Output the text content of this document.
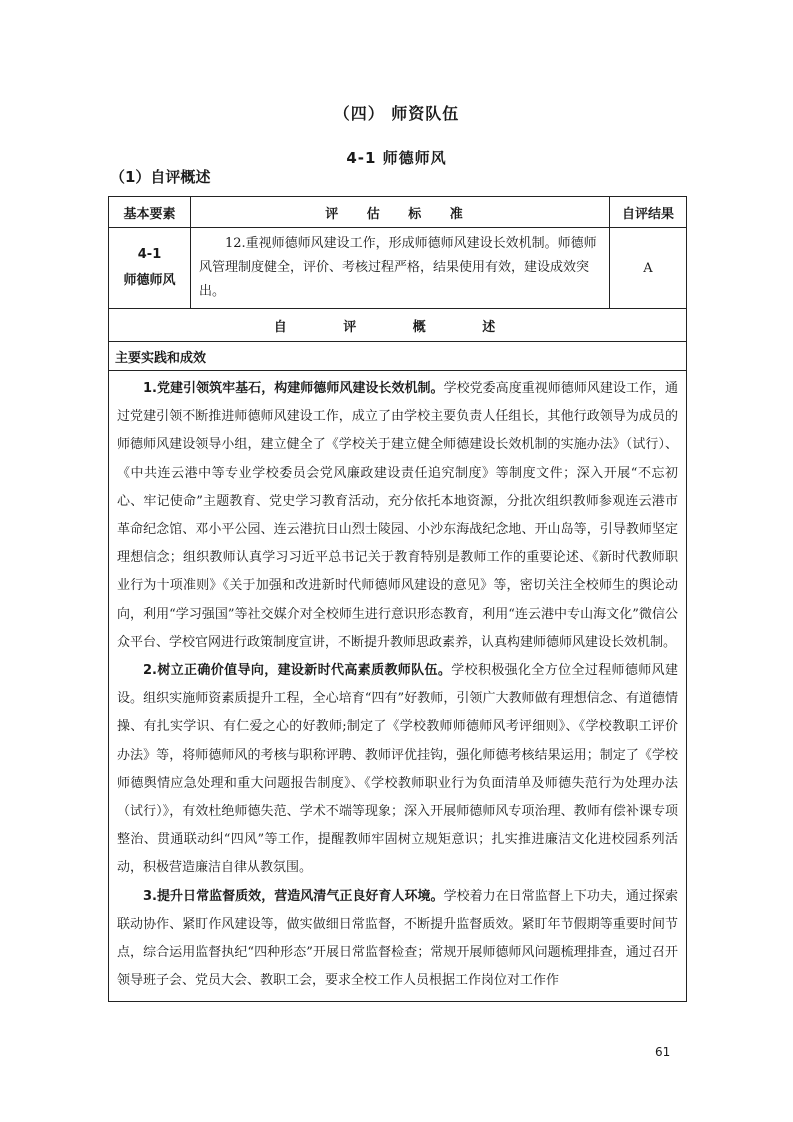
（四） 师资队伍
4-1 师德师风
（1）自评概述
基本要素	评 估 标 准	自评结果

4-1
师德师风	12.重视师德师风建设工作，形成师德师风建设长效机制。师德师风管理制度健全，评价、考核过程严格，结果使用有效，建设成效突出。	A
自 评 概 述		
主要实践和成效		

1.党建引领筑牢基石，构建师德师风建设长效机制。学校党委高度重视师德师风建设工作，通过党建引领不断推进师德师风建设工作，成立了由学校主要负责人任组长，其他行政领导为成员的师德师风建设领导小组，建立健全了《学校关于建立健全师德建设长效机制的实施办法》（试行）、《中共连云港中等专业学校委员会党风廉政建设责任追究制度》等制度文件；深入开展“不忘初心、牢记使命”主题教育、党史学习教育活动，充分依托本地资源，分批次组织教师参观连云港市革命纪念馆、邓小平公园、连云港抗日山烈士陵园、小沙东海战纪念地、开山岛等，引导教师坚定理想信念；组织教师认真学习习近平总书记关于教育特别是教师工作的重要论述、《新时代教师职业行为十项准则》《关于加强和改进新时代师德师风建设的意见》等，密切关注全校师生的舆论动向，利用“学习强国”等社交媒介对全校师生进行意识形态教育，利用“连云港中专山海文化”微信公众平台、学校官网进行政策制度宣讲，不断提升教师思政素养，认真构建师德师风建设长效机制。

2.树立正确价值导向，建设新时代高素质教师队伍。学校积极强化全方位全过程师德师风建设。组织实施师资素质提升工程，全心培育“四有”好教师，引领广大教师做有理想信念、有道德情操、有扎实学识、有仁爱之心的好教师;制定了《学校教师师德师风考评细则》、《学校教职工评价办法》等，将师德师风的考核与职称评聘、教师评优挂钩，强化师德考核结果运用；制定了《学校师德舆情应急处理和重大问题报告制度》、《学校教师职业行为负面清单及师德失范行为处理办法（试行）》，有效杜绝师德失范、学术不端等现象；深入开展师德师风专项治理、教师有偿补课专项整治、贯通联动纠“四风”等工作，提醒教师牢固树立规矩意识；扎实推进廉洁文化进校园系列活动，积极营造廉洁自律从教氛围。

3.提升日常监督质效，营造风清气正良好育人环境。学校着力在日常监督上下功夫，通过探索联动协作、紧盯作风建设等，做实做细日常监督，不断提升监督质效。紧盯年节假期等重要时间节点，综合运用监督执纪“四种形态”开展日常监督检查；常规开展师德师风问题梳理排查，通过召开领导班子会、党员大会、教职工会，要求全校工作人员根据工作岗位对工作作		

61
